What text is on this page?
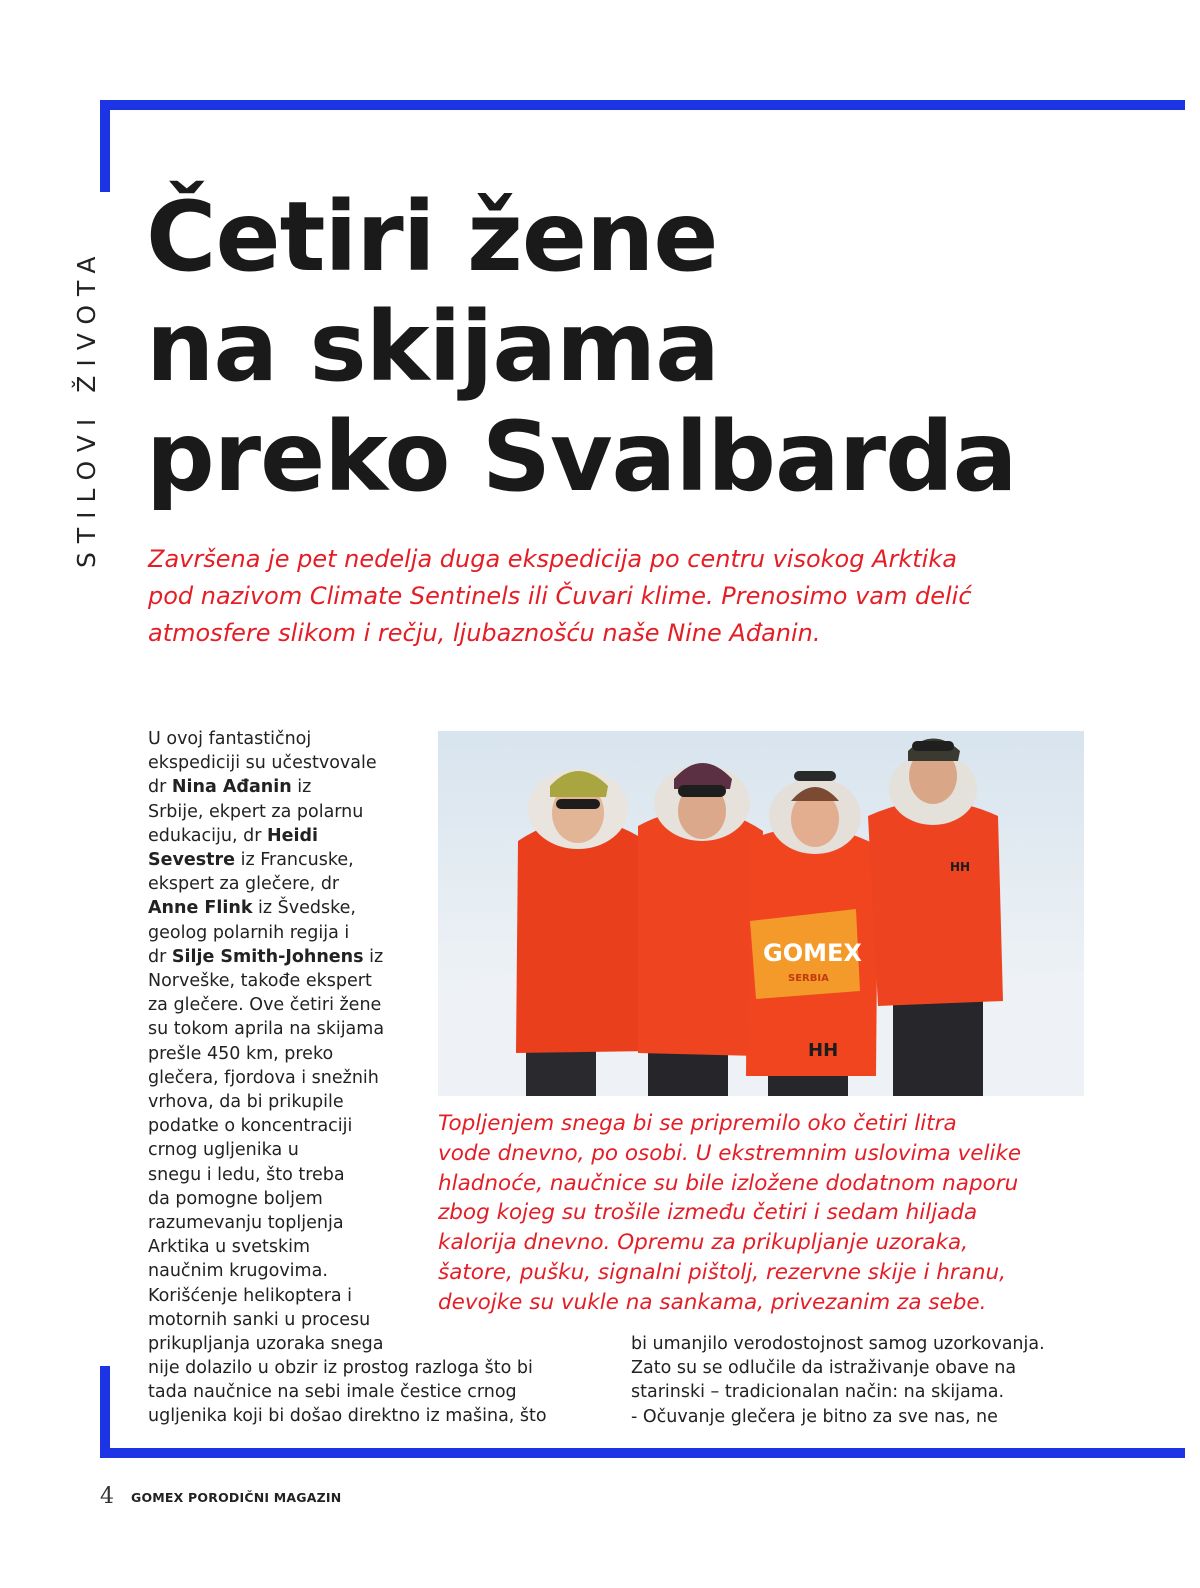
STILOVI ŽIVOTA
Četiri žene
na skijama
preko Svalbarda
Završena je pet nedelja duga ekspedicija po centru visokog Arktika
pod nazivom Climate Sentinels ili Čuvari klime. Prenosimo vam delić
atmosfere slikom i rečju, ljubaznošću naše Nine Ađanin.
U ovoj fantastičnoj
ekspediciji su učestvovale
dr Nina Ađanin iz
Srbije, ekpert za polarnu
edukaciju, dr Heidi
Sevestre iz Francuske,
ekspert za glečere, dr
Anne Flink iz Švedske,
geolog polarnih regija i
dr Silje Smith-Johnens iz
Norveške, takođe ekspert
za glečere. Ove četiri žene
su tokom aprila na skijama
prešle 450 km, preko
glečera, fjordova i snežnih
vrhova, da bi prikupile
podatke o koncentraciji
crnog ugljenika u
snegu i ledu, što treba
da pomogne boljem
razumevanju topljenja
Arktika u svetskim
naučnim krugovima.
Korišćenje helikoptera i
motornih sanki u procesu
prikupljanja uzoraka snega
nije dolazilo u obzir iz prostog razloga što bi
tada naučnice na sebi imale čestice crnog
ugljenika koji bi došao direktno iz mašina, što
bi umanjilo verodostojnost samog uzorkovanja.
Zato su se odlučile da istraživanje obave na
starinski – tradicionalan način: na skijama.
- Očuvanje glečera je bitno za sve nas, ne
HH
HH
GOMEX
SERBIA
Topljenjem snega bi se pripremilo oko četiri litra
vode dnevno, po osobi. U ekstremnim uslovima velike
hladnoće, naučnice su bile izložene dodatnom naporu
zbog kojeg su trošile između četiri i sedam hiljada
kalorija dnevno. Opremu za prikupljanje uzoraka,
šatore, pušku, signalni pištolj, rezervne skije i hranu,
devojke su vukle na sankama, privezanim za sebe.
4 GOMEX PORODIČNI MAGAZIN
